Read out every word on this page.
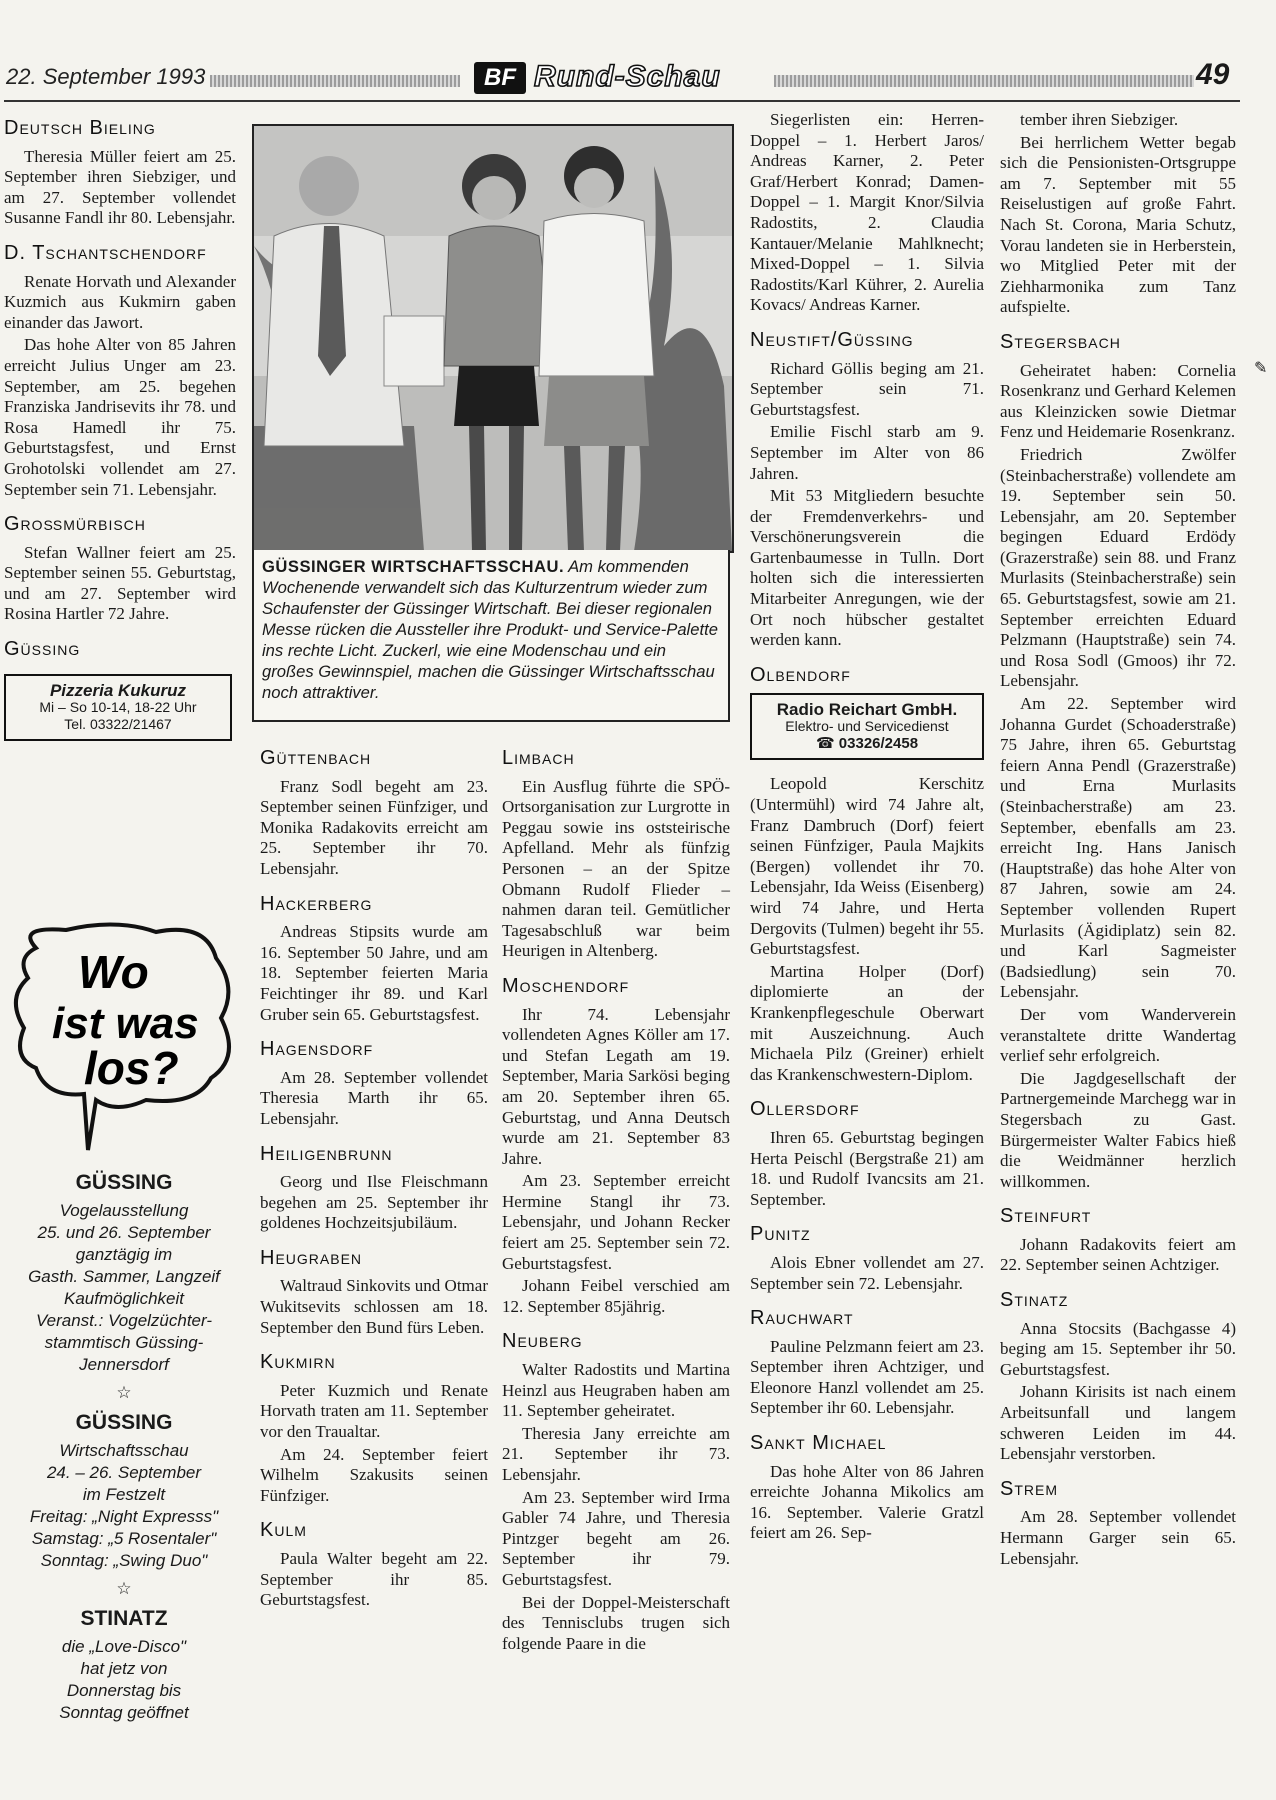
22. September 1993	BF Rund-Schau	49
Deutsch Bieling

Theresia Müller feiert am 25. September ihren Siebziger, und am 27. September vollendet Susanne Fandl ihr 80. Lebensjahr.

D. Tschantschendorf

Renate Horvath und Alexander Kuzmich aus Kukmirn gaben einander das Jawort.

Das hohe Alter von 85 Jahren erreicht Julius Unger am 23. September, am 25. begehen Franziska Jandrisevits ihr 78. und Rosa Hamedl ihr 75. Geburtstagsfest, und Ernst Grohotolski vollendet am 27. September sein 71. Lebensjahr.

Großmürbisch

Stefan Wallner feiert am 25. September seinen 55. Geburtstag, und am 27. September wird Rosina Hartler 72 Jahre.

Güssing
Pizzeria Kukuruz
Mi – So 10-14, 18-22 Uhr
Tel. 03322/21467
Wo
ist was
los?
GÜSSING
Vogelausstellung
25. und 26. September
ganztägig im
Gasth. Sammer, Langzeif
Kaufmöglichkeit
Veranst.: Vogelzüchter-
stammtisch Güssing-
Jennersdorf
☆
GÜSSING
Wirtschaftsschau
24. – 26. September
im Festzelt
Freitag: „Night Expresss"
Samstag: „5 Rosentaler"
Sonntag: „Swing Duo"
☆
STINATZ
die „Love-Disco"
hat jetz von
Donnerstag bis
Sonntag geöffnet
GÜSSINGER WIRTSCHAFTSSCHAU. Am kommenden Wochenende verwandelt sich das Kulturzentrum wieder zum Schaufenster der Güssinger Wirtschaft. Bei dieser regionalen Messe rücken die Aussteller ihre Produkt- und Service-Palette ins rechte Licht. Zuckerl, wie eine Modenschau und ein großes Gewinnspiel, machen die Güssinger Wirtschaftsschau noch attraktiver.
Güttenbach

Franz Sodl begeht am 23. September seinen Fünfziger, und Monika Radakovits erreicht am 25. September ihr 70. Lebensjahr.

Hackerberg

Andreas Stipsits wurde am 16. September 50 Jahre, und am 18. September feierten Maria Feichtinger ihr 89. und Karl Gruber sein 65. Geburtstagsfest.

Hagensdorf

Am 28. September vollendet Theresia Marth ihr 65. Lebensjahr.

Heiligenbrunn

Georg und Ilse Fleischmann begehen am 25. September ihr goldenes Hochzeitsjubiläum.

Heugraben

Waltraud Sinkovits und Otmar Wukitsevits schlossen am 18. September den Bund fürs Leben.

Kukmirn

Peter Kuzmich und Renate Horvath traten am 11. September vor den Traualtar.

Am 24. September feiert Wilhelm Szakusits seinen Fünfziger.

Kulm

Paula Walter begeht am 22. September ihr 85. Geburtstagsfest.

Limbach

Ein Ausflug führte die SPÖ-Ortsorganisation zur Lurgrotte in Peggau sowie ins oststeirische Apfelland. Mehr als fünfzig Personen – an der Spitze Obmann Rudolf Flieder – nahmen daran teil. Gemütlicher Tagesabschluß war beim Heurigen in Altenberg.

Moschendorf

Ihr 74. Lebensjahr vollendeten Agnes Köller am 17. und Stefan Legath am 19. September, Maria Sarkösi beging am 20. September ihren 65. Geburtstag, und Anna Deutsch wurde am 21. September 83 Jahre.

Am 23. September erreicht Hermine Stangl ihr 73. Lebensjahr, und Johann Recker feiert am 25. September sein 72. Geburtstagsfest.

Johann Feibel verschied am 12. September 85jährig.

Neuberg

Walter Radostits und Martina Heinzl aus Heugraben haben am 11. September geheiratet.

Theresia Jany erreichte am 21. September ihr 73. Lebensjahr.

Am 23. September wird Irma Gabler 74 Jahre, und Theresia Pintzger begeht am 26. September ihr 79. Geburtstagsfest.

Bei der Doppel-Meisterschaft des Tennisclubs trugen sich folgende Paare in die

Siegerlisten ein: Herren-Doppel – 1. Herbert Jaros/ Andreas Karner, 2. Peter Graf/Herbert Konrad; Damen-Doppel – 1. Margit Knor/Silvia Radostits, 2. Claudia Kantauer/Melanie Mahlknecht; Mixed-Doppel – 1. Silvia Radostits/Karl Kührer, 2. Aurelia Kovacs/ Andreas Karner.

Neustift/Güssing

Richard Göllis beging am 21. September sein 71. Geburtstagsfest.

Emilie Fischl starb am 9. September im Alter von 86 Jahren.

Mit 53 Mitgliedern besuchte der Fremdenverkehrs- und Verschönerungsverein die Gartenbaumesse in Tulln. Dort holten sich die interessierten Mitarbeiter Anregungen, wie der Ort noch hübscher gestaltet werden kann.

Olbendorf
Radio Reichart GmbH.
Elektro- und Servicedienst
☎ 03326/2458

Leopold Kerschitz (Untermühl) wird 74 Jahre alt, Franz Dambruch (Dorf) feiert seinen Fünfziger, Paula Majkits (Bergen) vollendet ihr 70. Lebensjahr, Ida Weiss (Eisenberg) wird 74 Jahre, und Herta Dergovits (Tulmen) begeht ihr 55. Geburtstagsfest.

Martina Holper (Dorf) diplomierte an der Krankenpflegeschule Oberwart mit Auszeichnung. Auch Michaela Pilz (Greiner) erhielt das Krankenschwestern-Diplom.

Ollersdorf

Ihren 65. Geburtstag begingen Herta Peischl (Bergstraße 21) am 18. und Rudolf Ivancsits am 21. September.

Punitz

Alois Ebner vollendet am 27. September sein 72. Lebensjahr.

Rauchwart

Pauline Pelzmann feiert am 23. September ihren Achtziger, und Eleonore Hanzl vollendet am 25. September ihr 60. Lebensjahr.

Sankt Michael

Das hohe Alter von 86 Jahren erreichte Johanna Mikolics am 16. September. Valerie Gratzl feiert am 26. Sep-

tember ihren Siebziger.

Bei herrlichem Wetter begab sich die Pensionisten-Ortsgruppe am 7. September mit 55 Reiselustigen auf große Fahrt. Nach St. Corona, Maria Schutz, Vorau landeten sie in Herberstein, wo Mitglied Peter mit der Ziehharmonika zum Tanz aufspielte.

Stegersbach

Geheiratet haben: Cornelia Rosenkranz und Gerhard Kelemen aus Kleinzicken sowie Dietmar Fenz und Heidemarie Rosenkranz.

Friedrich Zwölfer (Steinbacherstraße) vollendete am 19. September sein 50. Lebensjahr, am 20. September begingen Eduard Erdödy (Grazerstraße) sein 88. und Franz Murlasits (Steinbacherstraße) sein 65. Geburtstagsfest, sowie am 21. September erreichten Eduard Pelzmann (Hauptstraße) sein 74. und Rosa Sodl (Gmoos) ihr 72. Lebensjahr.

Am 22. September wird Johanna Gurdet (Schoaderstraße) 75 Jahre, ihren 65. Geburtstag feiern Anna Pendl (Grazerstraße) und Erna Murlasits (Steinbacherstraße) am 23. September, ebenfalls am 23. erreicht Ing. Hans Janisch (Hauptstraße) das hohe Alter von 87 Jahren, sowie am 24. September vollenden Rupert Murlasits (Ägidiplatz) sein 82. und Karl Sagmeister (Badsiedlung) sein 70. Lebensjahr.

Der vom Wanderverein veranstaltete dritte Wandertag verlief sehr erfolgreich.

Die Jagdgesellschaft der Partnergemeinde Marchegg war in Stegersbach zu Gast. Bürgermeister Walter Fabics hieß die Weidmänner herzlich willkommen.

Steinfurt

Johann Radakovits feiert am 22. September seinen Achtziger.

Stinatz

Anna Stocsits (Bachgasse 4) beging am 15. September ihr 50. Geburtstagsfest.

Johann Kirisits ist nach einem Arbeitsunfall und langem schweren Leiden im 44. Lebensjahr verstorben.

Strem

Am 28. September vollendet Hermann Garger sein 65. Lebensjahr.

✎
